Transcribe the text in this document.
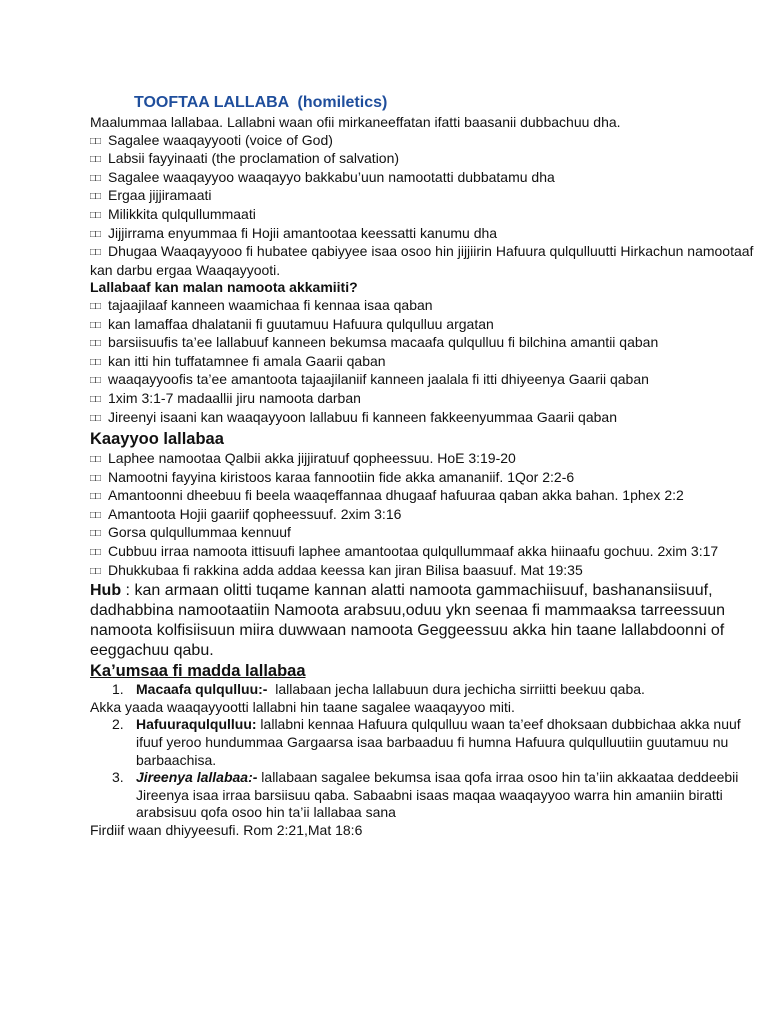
TOOFTAA LALLABA  (homiletics)

Maalummaa lallabaa. Lallabni waan ofii mirkaneeffatan ifatti baasanii dubbachuu dha.

□□ Sagalee waaqayyooti (voice of God)

□□ Labsii fayyinaati (the proclamation of salvation)

□□ Sagalee waaqayyoo waaqayyo bakkabu’uun namootatti dubbatamu dha

□□ Ergaa jijjiramaati

□□ Milikkita qulqullummaati

□□ Jijjirrama enyummaa fi Hojii amantootaa keessatti kanumu dha

□□ Dhugaa Waaqayyooo fi hubatee qabiyyee isaa osoo hin jijjiirin Hafuura qulqulluutti Hirkachun namootaaf kan darbu ergaa Waaqayyooti.

Lallabaaf kan malan namoota akkamiiti?

□□ tajaajilaaf kanneen waamichaa fi kennaa isaa qaban

□□ kan lamaffaa dhalatanii fi guutamuu Hafuura qulqulluu argatan

□□ barsiisuufis ta’ee lallabuuf kanneen bekumsa macaafa qulqulluu fi bilchina amantii qaban

□□ kan itti hin tuffatamnee fi amala Gaarii qaban

□□ waaqayyoofis ta’ee amantoota tajaajilaniif kanneen jaalala fi itti dhiyeenya Gaarii qaban

□□ 1xim 3:1-7 madaallii jiru namoota darban

□□ Jireenyi isaani kan waaqayyoon lallabuu fi kanneen fakkeenyummaa Gaarii qaban

Kaayyoo lallabaa

□□ Laphee namootaa Qalbii akka jijjiratuuf qopheessuu. HoE 3:19-20

□□ Namootni fayyina kiristoos karaa fannootiin fide akka amananiif. 1Qor 2:2-6

□□ Amantoonni dheebuu fi beela waaqeffannaa dhugaaf hafuuraa qaban akka bahan. 1phex 2:2

□□ Amantoota Hojii gaariif qopheessuuf. 2xim 3:16

□□ Gorsa qulqullummaa kennuuf

□□ Cubbuu irraa namoota ittisuufi laphee amantootaa qulqullummaaf akka hiinaafu gochuu. 2xim 3:17

□□ Dhukkubaa fi rakkina adda addaa keessa kan jiran Bilisa baasuuf. Mat 19:35

Hub : kan armaan olitti tuqame kannan alatti namoota gammachiisuuf, bashanansiisuuf, dadhabbina namootaatiin Namoota arabsuu,oduu ykn seenaa fi mammaaksa tarreessuun namoota kolfisiisuun miira duwwaan namoota Geggeessuu akka hin taane lallabdoonni of eeggachuu qabu.

Ka’umsaa fi madda lallabaa

1. Macaafa qulqulluu:-  lallabaan jecha lallabuun dura jechicha sirriitti beekuu qaba.

Akka yaada waaqayyootti lallabni hin taane sagalee waaqayyoo miti.

2. Hafuuraqulqulluu: lallabni kennaa Hafuura qulqulluu waan ta’eef dhoksaan dubbichaa akka nuuf ifuuf yeroo hundummaa Gargaarsa isaa barbaaduu fi humna Hafuura qulqulluutiin guutamuu nu barbaachisa.
3. Jireenya lallabaa:- lallabaan sagalee bekumsa isaa qofa irraa osoo hin ta’iin akkaataa deddeebii Jireenya isaa irraa barsiisuu qaba. Sabaabni isaas maqaa waaqayyoo warra hin amaniin biratti arabsisuu qofa osoo hin ta’ii lallabaa sana

Firdiif waan dhiyyeesufi. Rom 2:21,Mat 18:6
